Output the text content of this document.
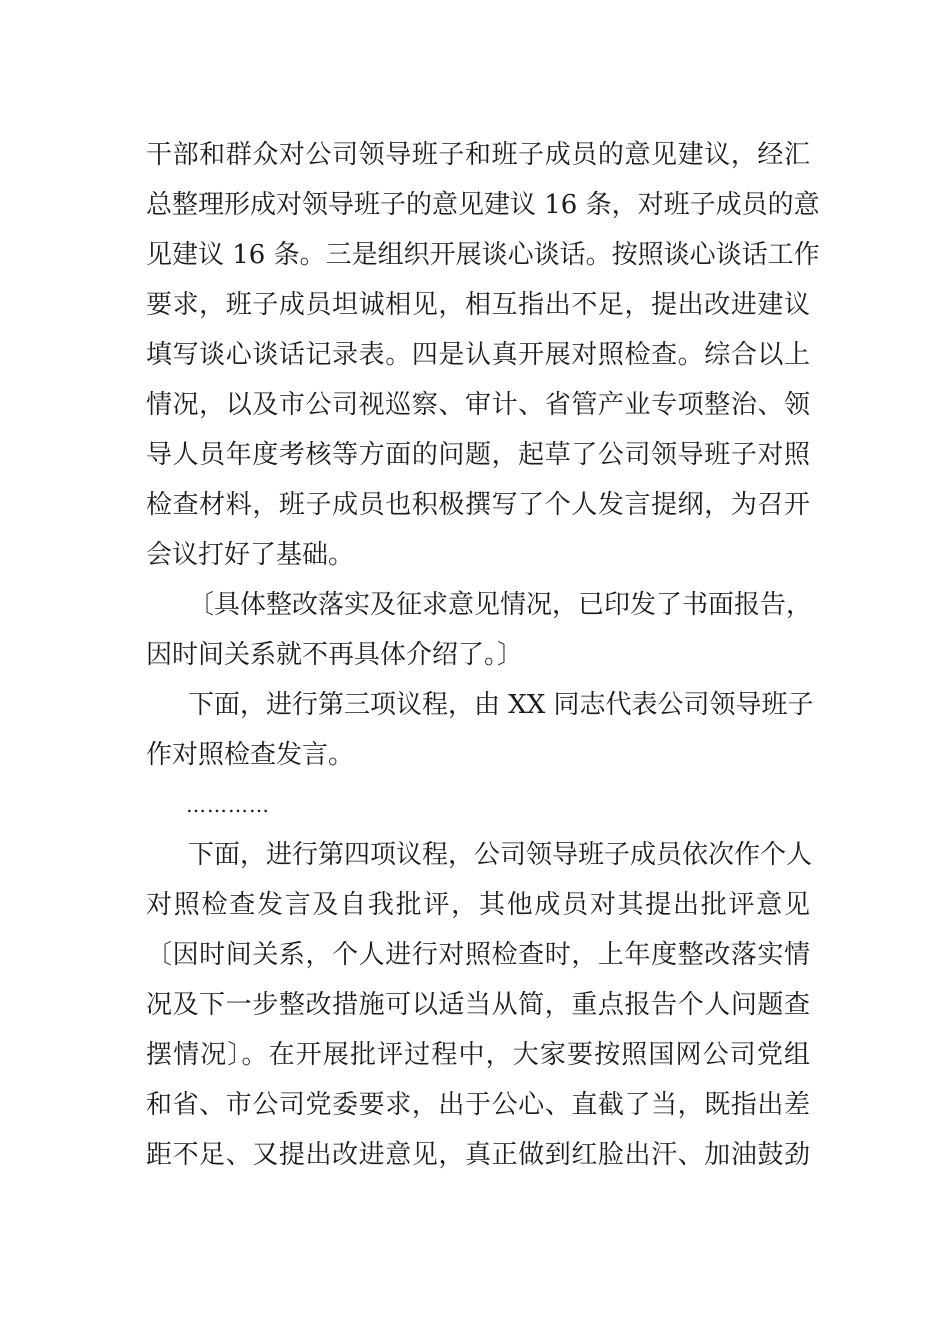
干部和群众对公司领导班子和班子成员的意见建议，经汇
总整理形成对领导班子的意见建议 16 条，对班子成员的意
见建议 16 条。三是组织开展谈心谈话。按照谈心谈话工作
要求，班子成员坦诚相见，相互指出不足，提出改进建议
填写谈心谈话记录表。四是认真开展对照检查。综合以上
情况，以及市公司视巡察、审计、省管产业专项整治、领
导人员年度考核等方面的问题，起草了公司领导班子对照
检查材料，班子成员也积极撰写了个人发言提纲，为召开
会议打好了基础。
〔具体整改落实及征求意见情况，已印发了书面报告，
因时间关系就不再具体介绍了。〕
下面，进行第三项议程，由 XX 同志代表公司领导班子
作对照检查发言。
…………
下面，进行第四项议程，公司领导班子成员依次作个人
对照检查发言及自我批评，其他成员对其提出批评意见
〔因时间关系，个人进行对照检查时，上年度整改落实情
况及下一步整改措施可以适当从简，重点报告个人问题查
摆情况〕。在开展批评过程中，大家要按照国网公司党组
和省、市公司党委要求，出于公心、直截了当，既指出差
距不足、又提出改进意见，真正做到红脸出汗、加油鼓劲
